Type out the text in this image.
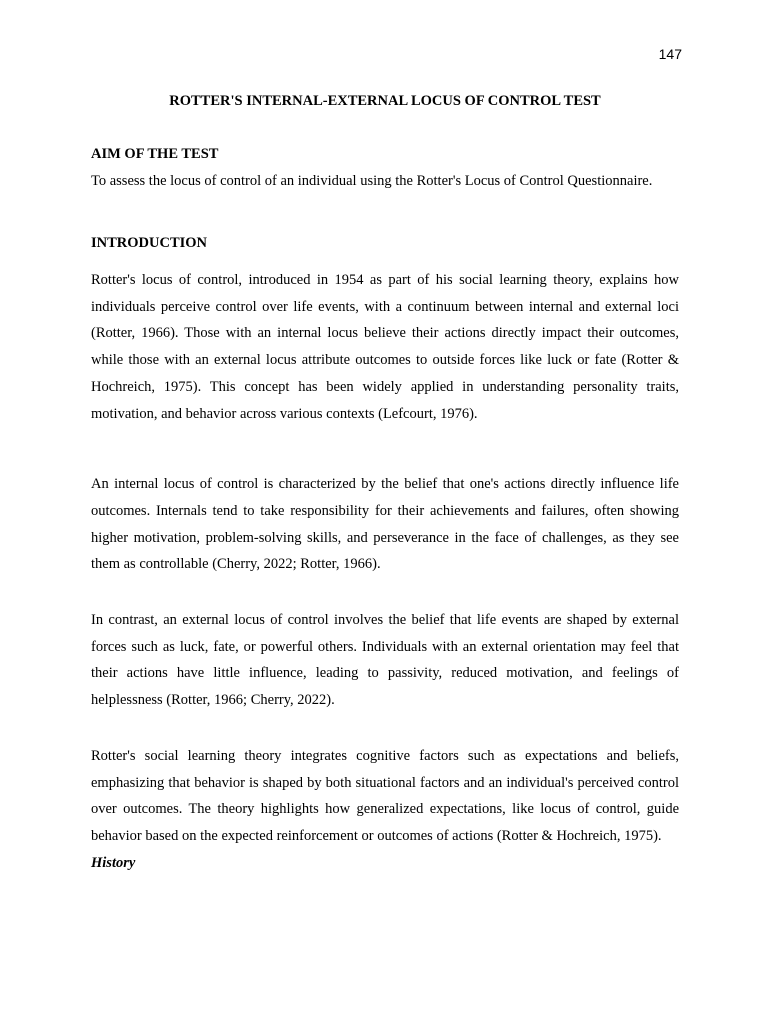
147
ROTTER'S INTERNAL-EXTERNAL LOCUS OF CONTROL TEST
AIM OF THE TEST

To assess the locus of control of an individual using the Rotter's Locus of Control Questionnaire.

INTRODUCTION

Rotter's locus of control, introduced in 1954 as part of his social learning theory, explains how individuals perceive control over life events, with a continuum between internal and external loci (Rotter, 1966). Those with an internal locus believe their actions directly impact their outcomes, while those with an external locus attribute outcomes to outside forces like luck or fate (Rotter & Hochreich, 1975). This concept has been widely applied in understanding personality traits, motivation, and behavior across various contexts (Lefcourt, 1976).

An internal locus of control is characterized by the belief that one's actions directly influence life outcomes. Internals tend to take responsibility for their achievements and failures, often showing higher motivation, problem-solving skills, and perseverance in the face of challenges, as they see them as controllable (Cherry, 2022; Rotter, 1966).

In contrast, an external locus of control involves the belief that life events are shaped by external forces such as luck, fate, or powerful others. Individuals with an external orientation may feel that their actions have little influence, leading to passivity, reduced motivation, and feelings of helplessness (Rotter, 1966; Cherry, 2022).

Rotter's social learning theory integrates cognitive factors such as expectations and beliefs, emphasizing that behavior is shaped by both situational factors and an individual's perceived control over outcomes. The theory highlights how generalized expectations, like locus of control, guide behavior based on the expected reinforcement or outcomes of actions (Rotter & Hochreich, 1975).

History
